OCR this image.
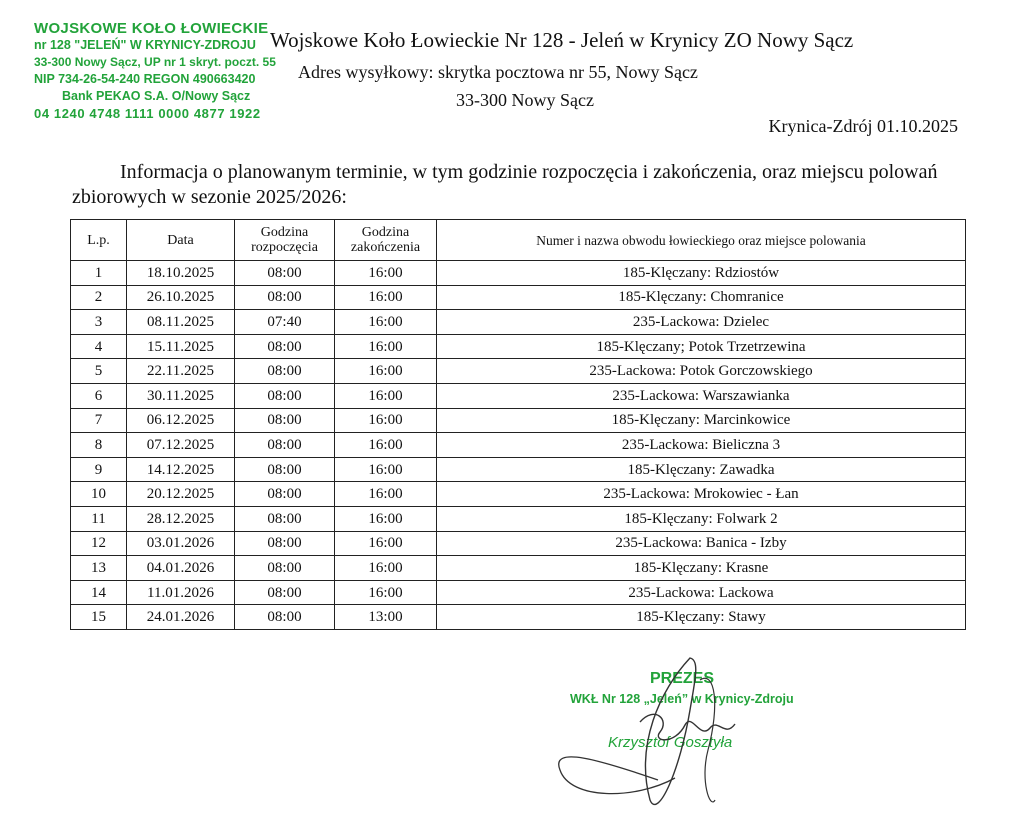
WOJSKOWE KOŁO ŁOWIECKIE
nr 128 "JELEŃ" W KRYNICY-ZDROJU
33-300 Nowy Sącz, UP nr 1 skryt. poczt. 55
NIP 734-26-54-240 REGON 490663420
Bank PEKAO S.A. O/Nowy Sącz
04 1240 4748 1111 0000 4877 1922
Wojskowe Koło Łowieckie Nr 128 - Jeleń w Krynicy ZO Nowy Sącz
Adres wysyłkowy: skrytka pocztowa nr 55, Nowy Sącz
33-300 Nowy Sącz
Krynica-Zdrój 01.10.2025
Informacja o planowanym terminie, w tym godzinie rozpoczęcia i zakończenia, oraz miejscu polowań zbiorowych w sezonie 2025/2026:
L.p.	Data	Godzina rozpoczęcia	Godzina zakończenia	Numer i nazwa obwodu łowieckiego oraz miejsce polowania
1	18.10.2025	08:00	16:00	185-Klęczany: Rdziostów
2	26.10.2025	08:00	16:00	185-Klęczany: Chomranice
3	08.11.2025	07:40	16:00	235-Lackowa: Dzielec
4	15.11.2025	08:00	16:00	185-Klęczany; Potok Trzetrzewina
5	22.11.2025	08:00	16:00	235-Lackowa: Potok Gorczowskiego
6	30.11.2025	08:00	16:00	235-Lackowa: Warszawianka
7	06.12.2025	08:00	16:00	185-Klęczany: Marcinkowice
8	07.12.2025	08:00	16:00	235-Lackowa: Bieliczna 3
9	14.12.2025	08:00	16:00	185-Klęczany: Zawadka
10	20.12.2025	08:00	16:00	235-Lackowa: Mrokowiec - Łan
11	28.12.2025	08:00	16:00	185-Klęczany: Folwark 2
12	03.01.2026	08:00	16:00	235-Lackowa: Banica - Izby
13	04.01.2026	08:00	16:00	185-Klęczany: Krasne
14	11.01.2026	08:00	16:00	235-Lackowa: Lackowa
15	24.01.2026	08:00	13:00	185-Klęczany: Stawy
PREZES
WKŁ Nr 128 „Jeleń” w Krynicy-Zdroju
Krzysztof Gosztyła
